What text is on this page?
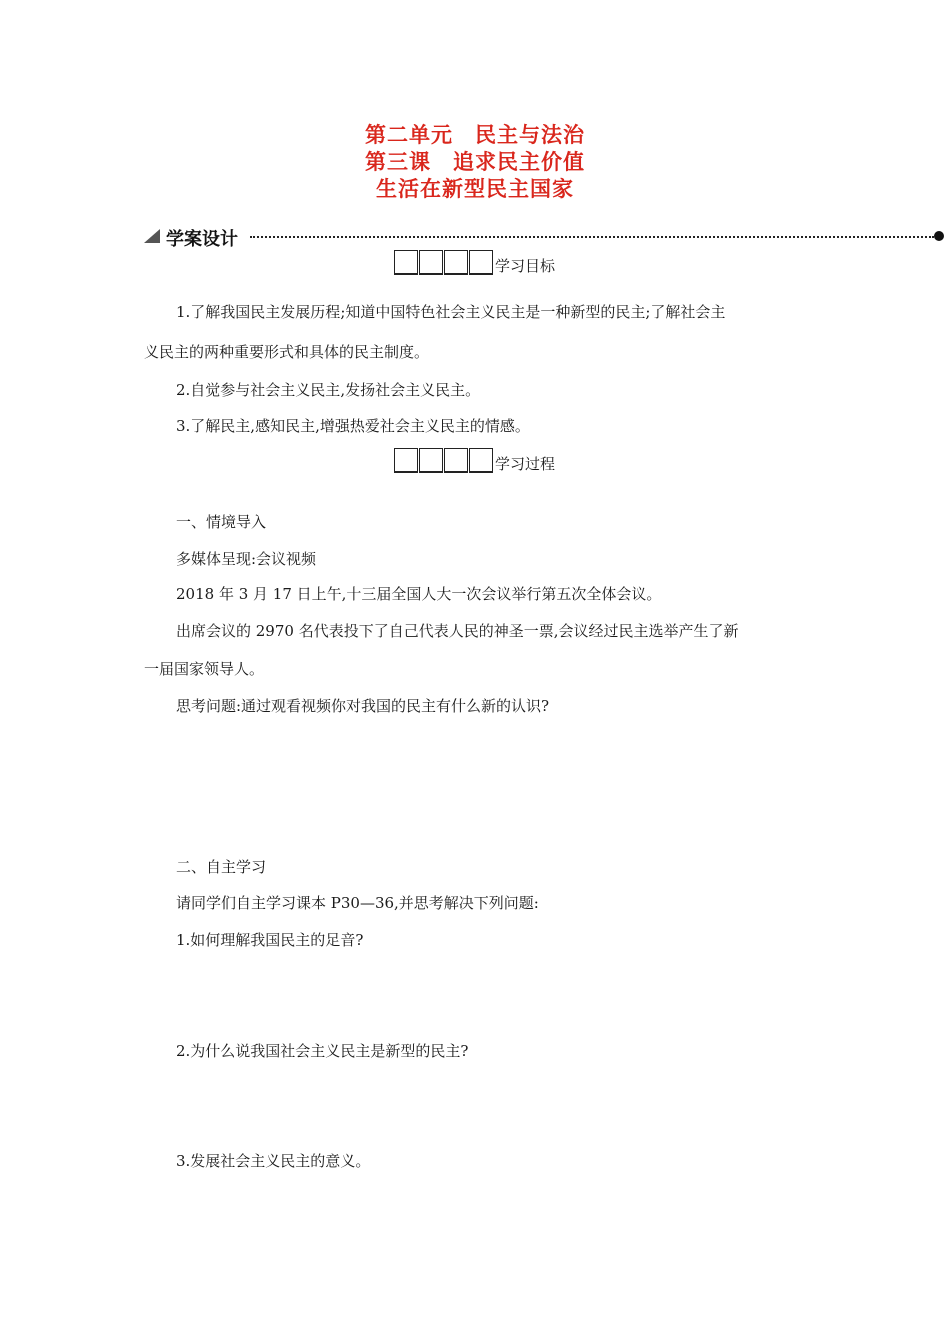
第二单元　民主与法治
第三课　追求民主价值
生活在新型民主国家
学案设计
学习目标
1.了解我国民主发展历程;知道中国特色社会主义民主是一种新型的民主;了解社会主
义民主的两种重要形式和具体的民主制度。
2.自觉参与社会主义民主,发扬社会主义民主。
3.了解民主,感知民主,增强热爱社会主义民主的情感。
学习过程
一、情境导入
多媒体呈现:会议视频
2018 年 3 月 17 日上午,十三届全国人大一次会议举行第五次全体会议。
出席会议的 2970 名代表投下了自己代表人民的神圣一票,会议经过民主选举产生了新
一届国家领导人。
思考问题:通过观看视频你对我国的民主有什么新的认识?
二、自主学习
请同学们自主学习课本 P30—36,并思考解决下列问题:
1.如何理解我国民主的足音?
2.为什么说我国社会主义民主是新型的民主?
3.发展社会主义民主的意义。
